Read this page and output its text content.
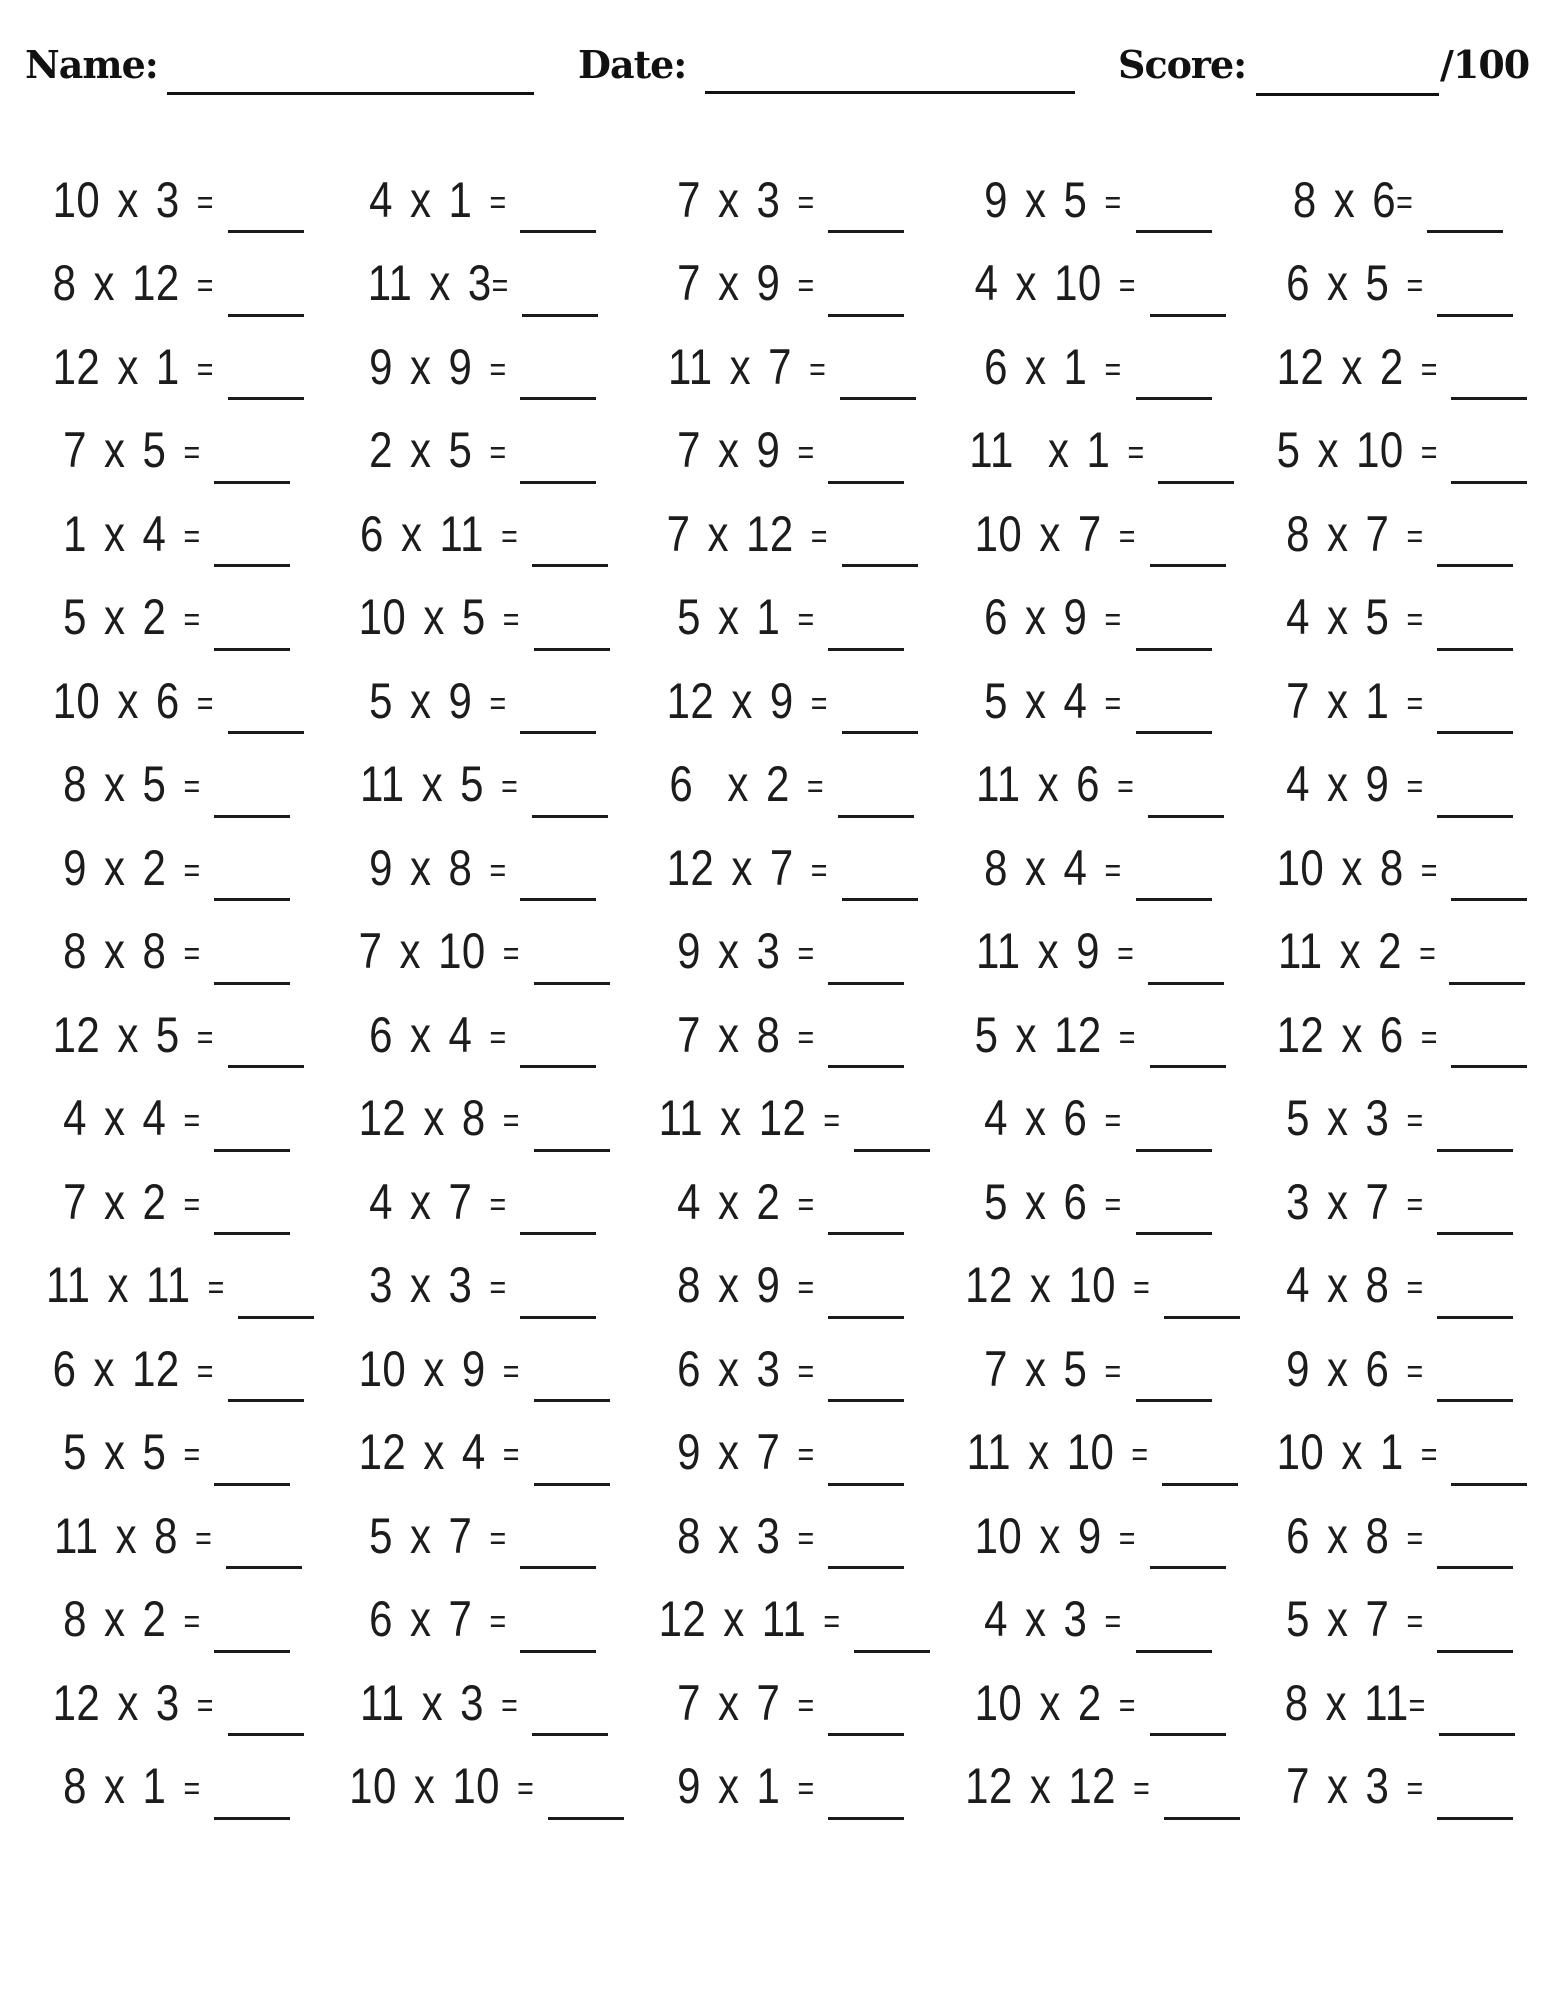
Name:	Date:	Score:	/100
10 x 3 =	4 x 1 =	7 x 3 =	9 x 5 =	8 x 6=
8 x 12 =	11 x 3=	7 x 9 =	4 x 10 =	6 x 5 =
12 x 1 =	9 x 9 =	11 x 7 =	6 x 1 =	12 x 2 =
7 x 5 =	2 x 5 =	7 x 9 =	11  x 1 =	5 x 10 =
1 x 4 =	6 x 11 =	7 x 12 =	10 x 7 =	8 x 7 =
5 x 2 =	10 x 5 =	5 x 1 =	6 x 9 =	4 x 5 =
10 x 6 =	5 x 9 =	12 x 9 =	5 x 4 =	7 x 1 =
8 x 5 =	11 x 5 =	6  x 2 =	11 x 6 =	4 x 9 =
9 x 2 =	9 x 8 =	12 x 7 =	8 x 4 =	10 x 8 =
8 x 8 =	7 x 10 =	9 x 3 =	11 x 9 =	11 x 2 =
12 x 5 =	6 x 4 =	7 x 8 =	5 x 12 =	12 x 6 =
4 x 4 =	12 x 8 =	11 x 12 =	4 x 6 =	5 x 3 =
7 x 2 =	4 x 7 =	4 x 2 =	5 x 6 =	3 x 7 =
11 x 11 =	3 x 3 =	8 x 9 =	12 x 10 =	4 x 8 =
6 x 12 =	10 x 9 =	6 x 3 =	7 x 5 =	9 x 6 =
5 x 5 =	12 x 4 =	9 x 7 =	11 x 10 =	10 x 1 =
11 x 8 =	5 x 7 =	8 x 3 =	10 x 9 =	6 x 8 =
8 x 2 =	6 x 7 =	12 x 11 =	4 x 3 =	5 x 7 =
12 x 3 =	11 x 3 =	7 x 7 =	10 x 2 =	8 x 11=
8 x 1 =	10 x 10 =	9 x 1 =	12 x 12 =	7 x 3 =
